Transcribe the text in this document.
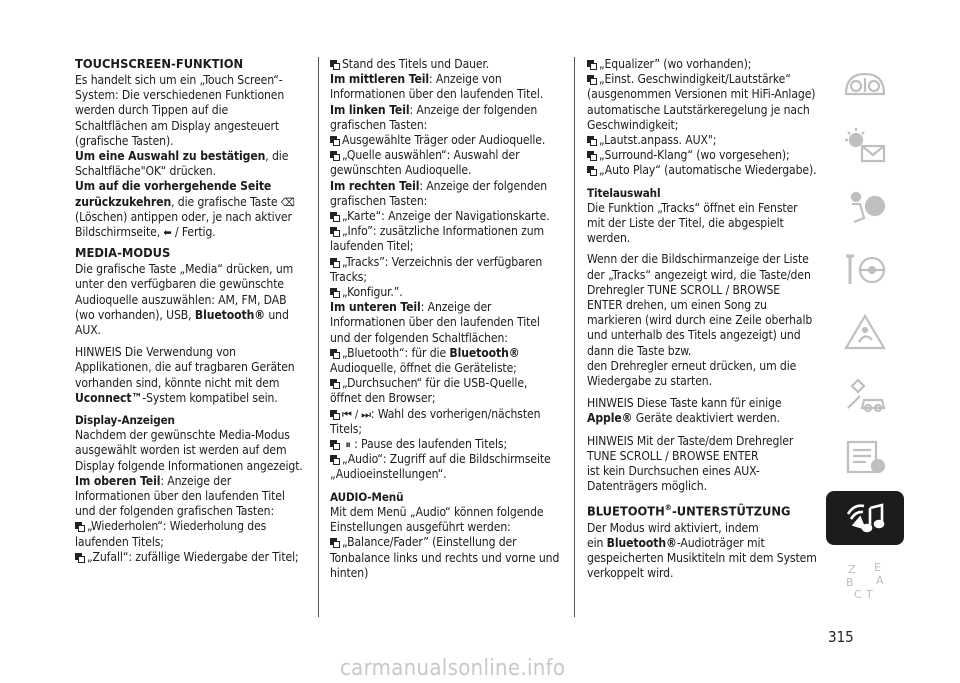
TOUCHSCREEN-FUNKTION

Es handelt sich um ein „Touch Screen“-System: Die verschiedenen Funktionen werden durch Tippen auf die Schaltflächen am Display angesteuert (grafische Tasten).

Um eine Auswahl zu bestätigen, die Schaltfläche"OK“ drücken.

Um auf die vorhergehende Seite zurückzukehren, die grafische Taste ⌫ (Löschen) antippen oder, je nach aktiver Bildschirmseite, ⬅ / Fertig.

MEDIA-MODUS

Die grafische Taste „Media“ drücken, um unter den verfügbaren die gewünschte Audioquelle auszuwählen: AM, FM, DAB (wo vorhanden), USB, Bluetooth® und AUX.

HINWEIS Die Verwendung von Applikationen, die auf tragbaren Geräten vorhanden sind, könnte nicht mit dem Uconnect™-System kompatibel sein.

Display-Anzeigen

Nachdem der gewünschte Media-Modus ausgewählt worden ist werden auf dem Display folgende Informationen angezeigt.

Im oberen Teil: Anzeige der Informationen über den laufenden Titel und der folgenden grafischen Tasten:

„Wiederholen“: Wiederholung des laufenden Titels;

„Zufall“: zufällige Wiedergabe der Titel;

Stand des Titels und Dauer.

Im mittleren Teil: Anzeige von Informationen über den laufenden Titel.

Im linken Teil: Anzeige der folgenden grafischen Tasten:

Ausgewählte Träger oder Audioquelle.

„Quelle auswählen“: Auswahl der gewünschten Audioquelle.

Im rechten Teil: Anzeige der folgenden grafischen Tasten:

„Karte“: Anzeige der Navigationskarte.

„Info”: zusätzliche Informationen zum laufenden Titel;

„Tracks”: Verzeichnis der verfügbaren Tracks;

„Konfigur.”.

Im unteren Teil: Anzeige der Informationen über den laufenden Titel und der folgenden Schaltflächen:

„Bluetooth“: für die Bluetooth® Audioquelle, öffnet die Geräteliste;

„Durchsuchen“ für die USB-Quelle, öffnet den Browser;

⏮ / ⏭: Wahl des vorherigen/nächsten Titels;

⏸ : Pause des laufenden Titels;

„Audio“: Zugriff auf die Bildschirmseite „Audioeinstellungen“.

AUDIO-Menü

Mit dem Menü „Audio“ können folgende Einstellungen ausgeführt werden:

„Balance/Fader” (Einstellung der Tonbalance links und rechts und vorne und hinten)

„Equalizer” (wo vorhanden);

„Einst. Geschwindigkeit/Lautstärke“ (ausgenommen Versionen mit HiFi-Anlage) automatische Lautstärkeregelung je nach Geschwindigkeit;

„Lautst.anpass. AUX";

„Surround-Klang“ (wo vorgesehen);

„Auto Play“ (automatische Wiedergabe).

Titelauswahl

Die Funktion „Tracks“ öffnet ein Fenster mit der Liste der Titel, die abgespielt werden.

Wenn der die Bildschirmanzeige der Liste der „Tracks“ angezeigt wird, die Taste/den Drehregler TUNE SCROLL / BROWSE ENTER drehen, um einen Song zu markieren (wird durch eine Zeile oberhalb und unterhalb des Titels angezeigt) und dann die Taste bzw.

den Drehregler erneut drücken, um die Wiedergabe zu starten.

HINWEIS Diese Taste kann für einige Apple® Geräte deaktiviert werden.

HINWEIS Mit der Taste/dem Drehregler TUNE SCROLL / BROWSE ENTER

ist kein Durchsuchen eines AUX-Datenträgers möglich.

BLUETOOTH®-UNTERSTÜTZUNG

Der Modus wird aktiviert, indem

ein Bluetooth®-Audioträger mit gespeicherten Musiktiteln mit dem System verkoppelt wird.	Z E
B A
C T
315
carmanualsonline.info
